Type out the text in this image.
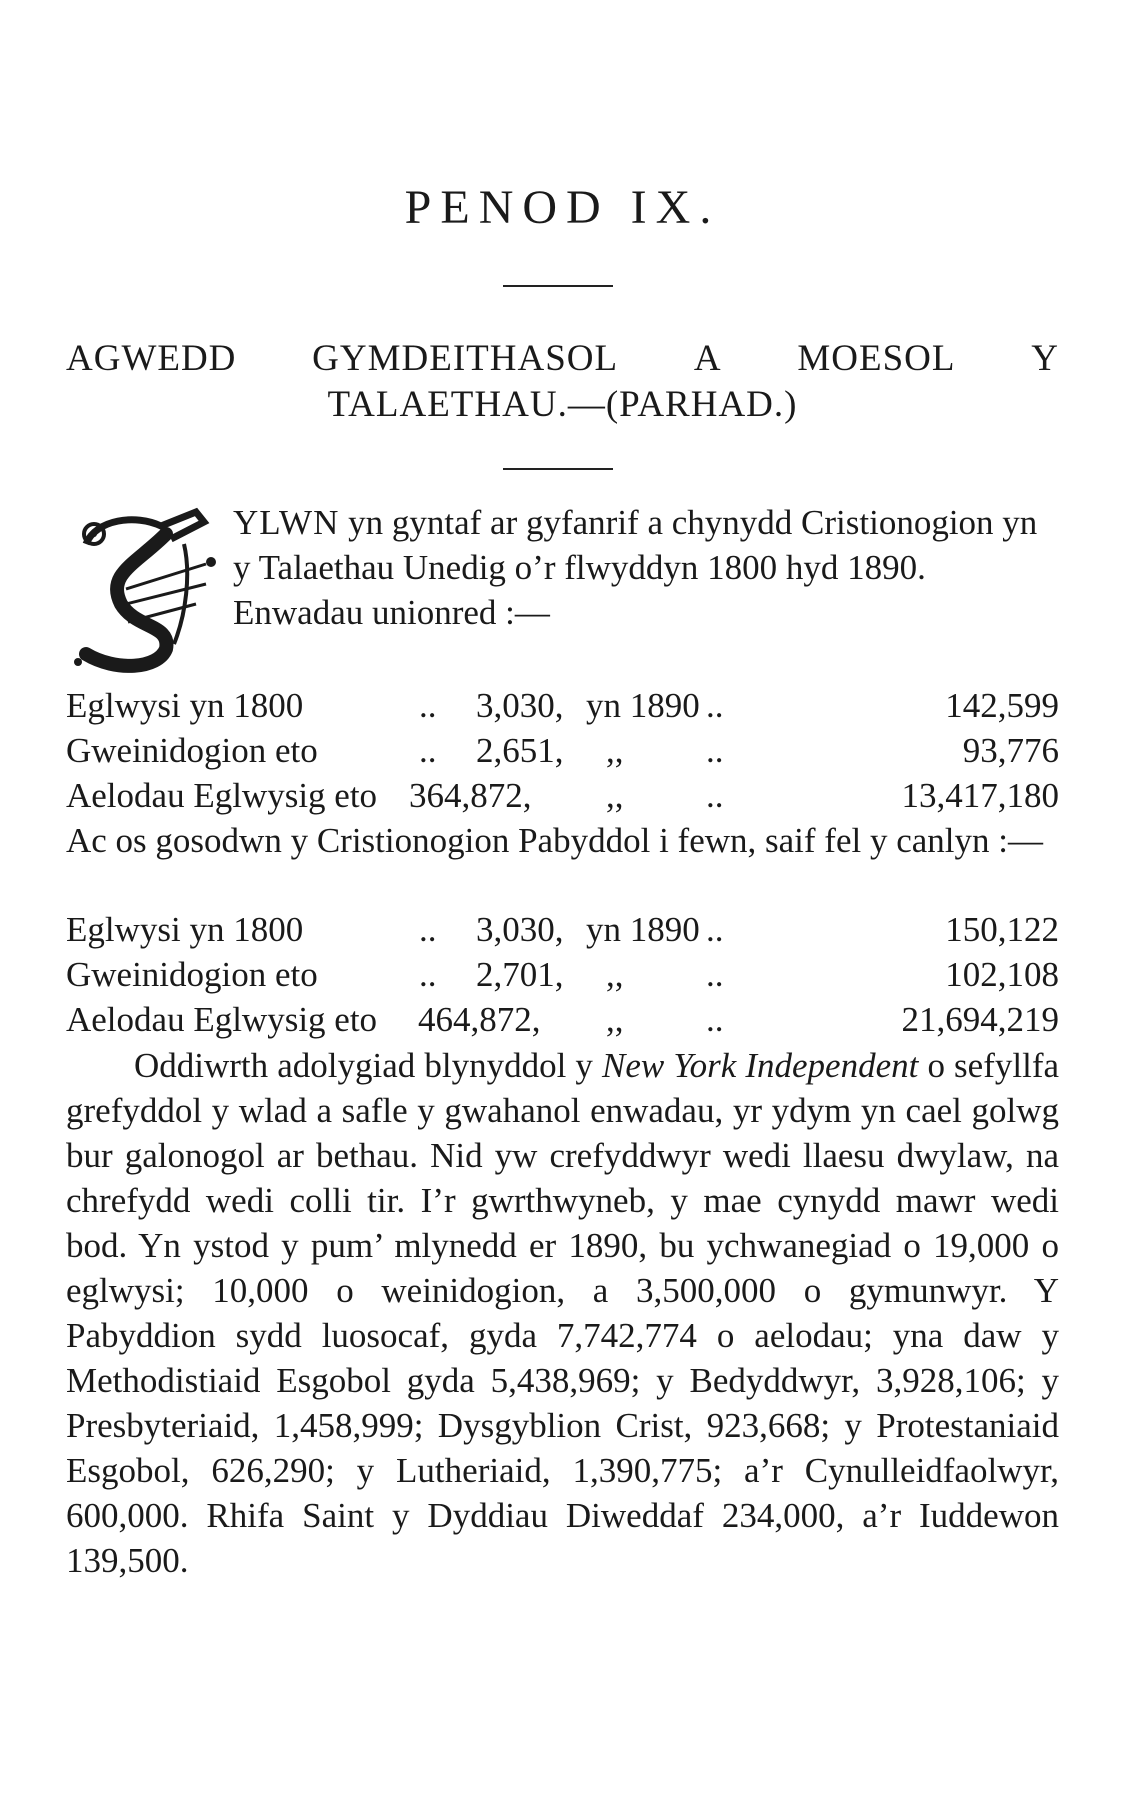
PENOD IX.
AGWEDD GYMDEITHASOL A MOESOL Y
TALAETHAU.—(PARHAD.)
YLWN yn gyntaf ar gyfanrif a chynydd Cristionogion yn y Talaethau Unedig o’r flwyddyn 1800 hyd 1890. Enwadau unionred :—
Eglwysi yn 1800	.. 3,030, yn 1890 ..	142,599
Gweinidogion eto	.. 2,651, ,, ..	93,776
Aelodau Eglwysig eto 364,872, ,, ..	13,417,180
Ac os gosodwn y Cristionogion Pabyddol i fewn, saif fel y canlyn :—
Eglwysi yn 1800	.. 3,030, yn 1890 ..	150,122
Gweinidogion eto	.. 2,701, ,, ..	102,108
Aelodau Eglwysig eto 464,872, ,, ..	21,694,219
Oddiwrth adolygiad blynyddol y New York Independent o sefyllfa grefyddol y wlad a safle y gwahanol enwadau, yr ydym yn cael golwg bur galonogol ar bethau. Nid yw crefyddwyr wedi llaesu dwylaw, na chrefydd wedi colli tir. I’r gwrthwyneb, y mae cynydd mawr wedi bod. Yn ystod y pum’ mlynedd er 1890, bu ychwanegiad o 19,000 o eglwysi; 10,000 o weinidogion, a 3,500,000 o gymunwyr. Y Pabyddion sydd luosocaf, gyda 7,742,774 o aelodau; yna daw y Methodistiaid Esgobol gyda 5,438,969; y Bedyddwyr, 3,928,106; y Presbyteriaid, 1,458,999; Dysgyblion Crist, 923,668; y Protestaniaid Esgobol, 626,290; y Lutheriaid, 1,390,775; a’r Cynulleidfaolwyr, 600,000. Rhifa Saint y Dyddiau Diweddaf 234,000, a’r Iuddewon 139,500.
